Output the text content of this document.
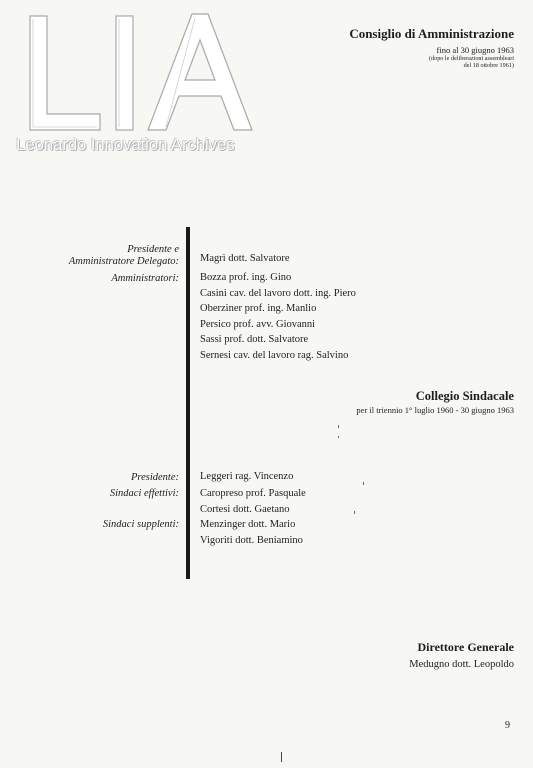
Leonardo Innovation Archives
Consiglio di Amministrazione
fino al 30 giugno 1963
(dopo le deliberazioni assembleari
del 18 ottobre 1961)
Presidente e
Amministratore Delegato:
Amministratori:
Magrì dott. Salvatore
Bozza prof. ing. Gino
Casini cav. del lavoro dott. ing. Piero
Oberziner prof. ing. Manlio
Persico prof. avv. Giovanni
Sassi prof. dott. Salvatore
Sernesi cav. del lavoro rag. Salvino
Collegio Sindacale
per il triennio 1° luglio 1960 - 30 giugno 1963
Presidente:
Sindaci effettivi:
Sindaci supplenti:
Leggeri rag. Vincenzo
Caropreso prof. Pasquale
Cortesi dott. Gaetano
Menzinger dott. Mario
Vigoriti dott. Beniamino
Direttore Generale
Medugno dott. Leopoldo
9
